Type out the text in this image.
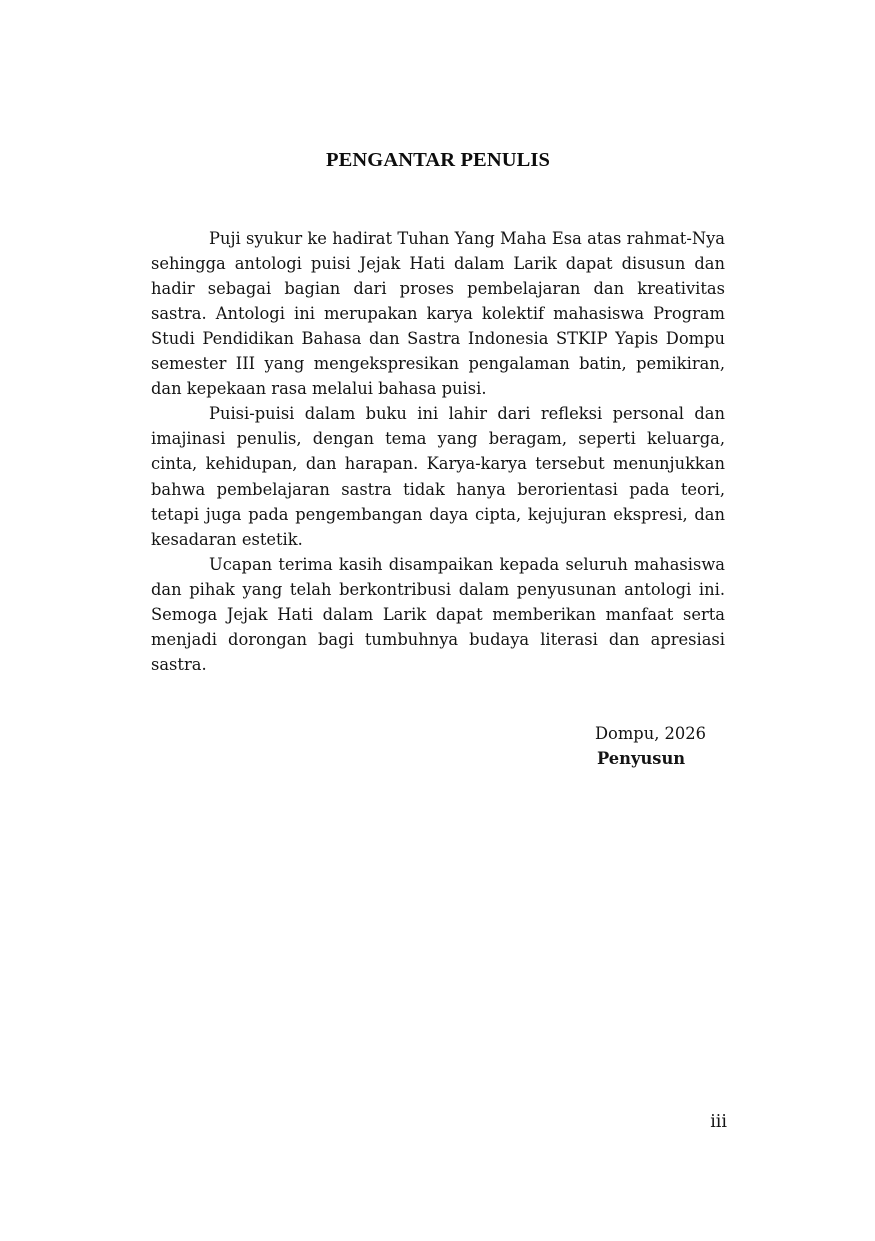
PENGANTAR PENULIS

Puji syukur ke hadirat Tuhan Yang Maha Esa atas rahmat-Nya sehingga antologi puisi Jejak Hati dalam Larik dapat disusun dan hadir sebagai bagian dari proses pembelajaran dan kreativitas sastra. Antologi ini merupakan karya kolektif mahasiswa Program Studi Pendidikan Bahasa dan Sastra Indonesia STKIP Yapis Dompu semester III yang mengekspresikan pengalaman batin, pemikiran, dan kepekaan rasa melalui bahasa puisi.

Puisi-puisi dalam buku ini lahir dari refleksi personal dan imajinasi penulis, dengan tema yang beragam, seperti keluarga, cinta, kehidupan, dan harapan. Karya-karya tersebut menunjukkan bahwa pembelajaran sastra tidak hanya berorientasi pada teori, tetapi juga pada pengembangan daya cipta, kejujuran ekspresi, dan kesadaran estetik.

Ucapan terima kasih disampaikan kepada seluruh mahasiswa dan pihak yang telah berkontribusi dalam penyusunan antologi ini. Semoga Jejak Hati dalam Larik dapat memberikan manfaat serta menjadi dorongan bagi tumbuhnya budaya literasi dan apresiasi sastra.

Dompu, 2026
Penyusun
iii
